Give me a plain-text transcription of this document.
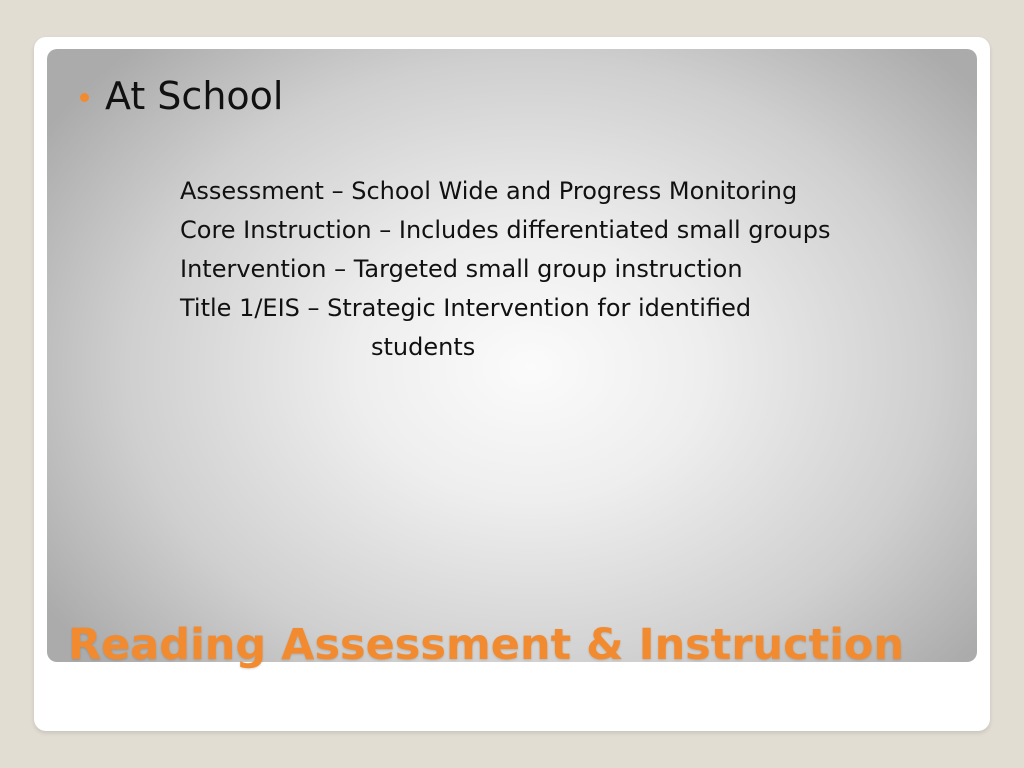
At School
Assessment – School Wide and Progress Monitoring
Core Instruction – Includes differentiated small groups
Intervention – Targeted small group instruction
Title 1/EIS – Strategic Intervention for identified
students
Reading Assessment & Instruction
